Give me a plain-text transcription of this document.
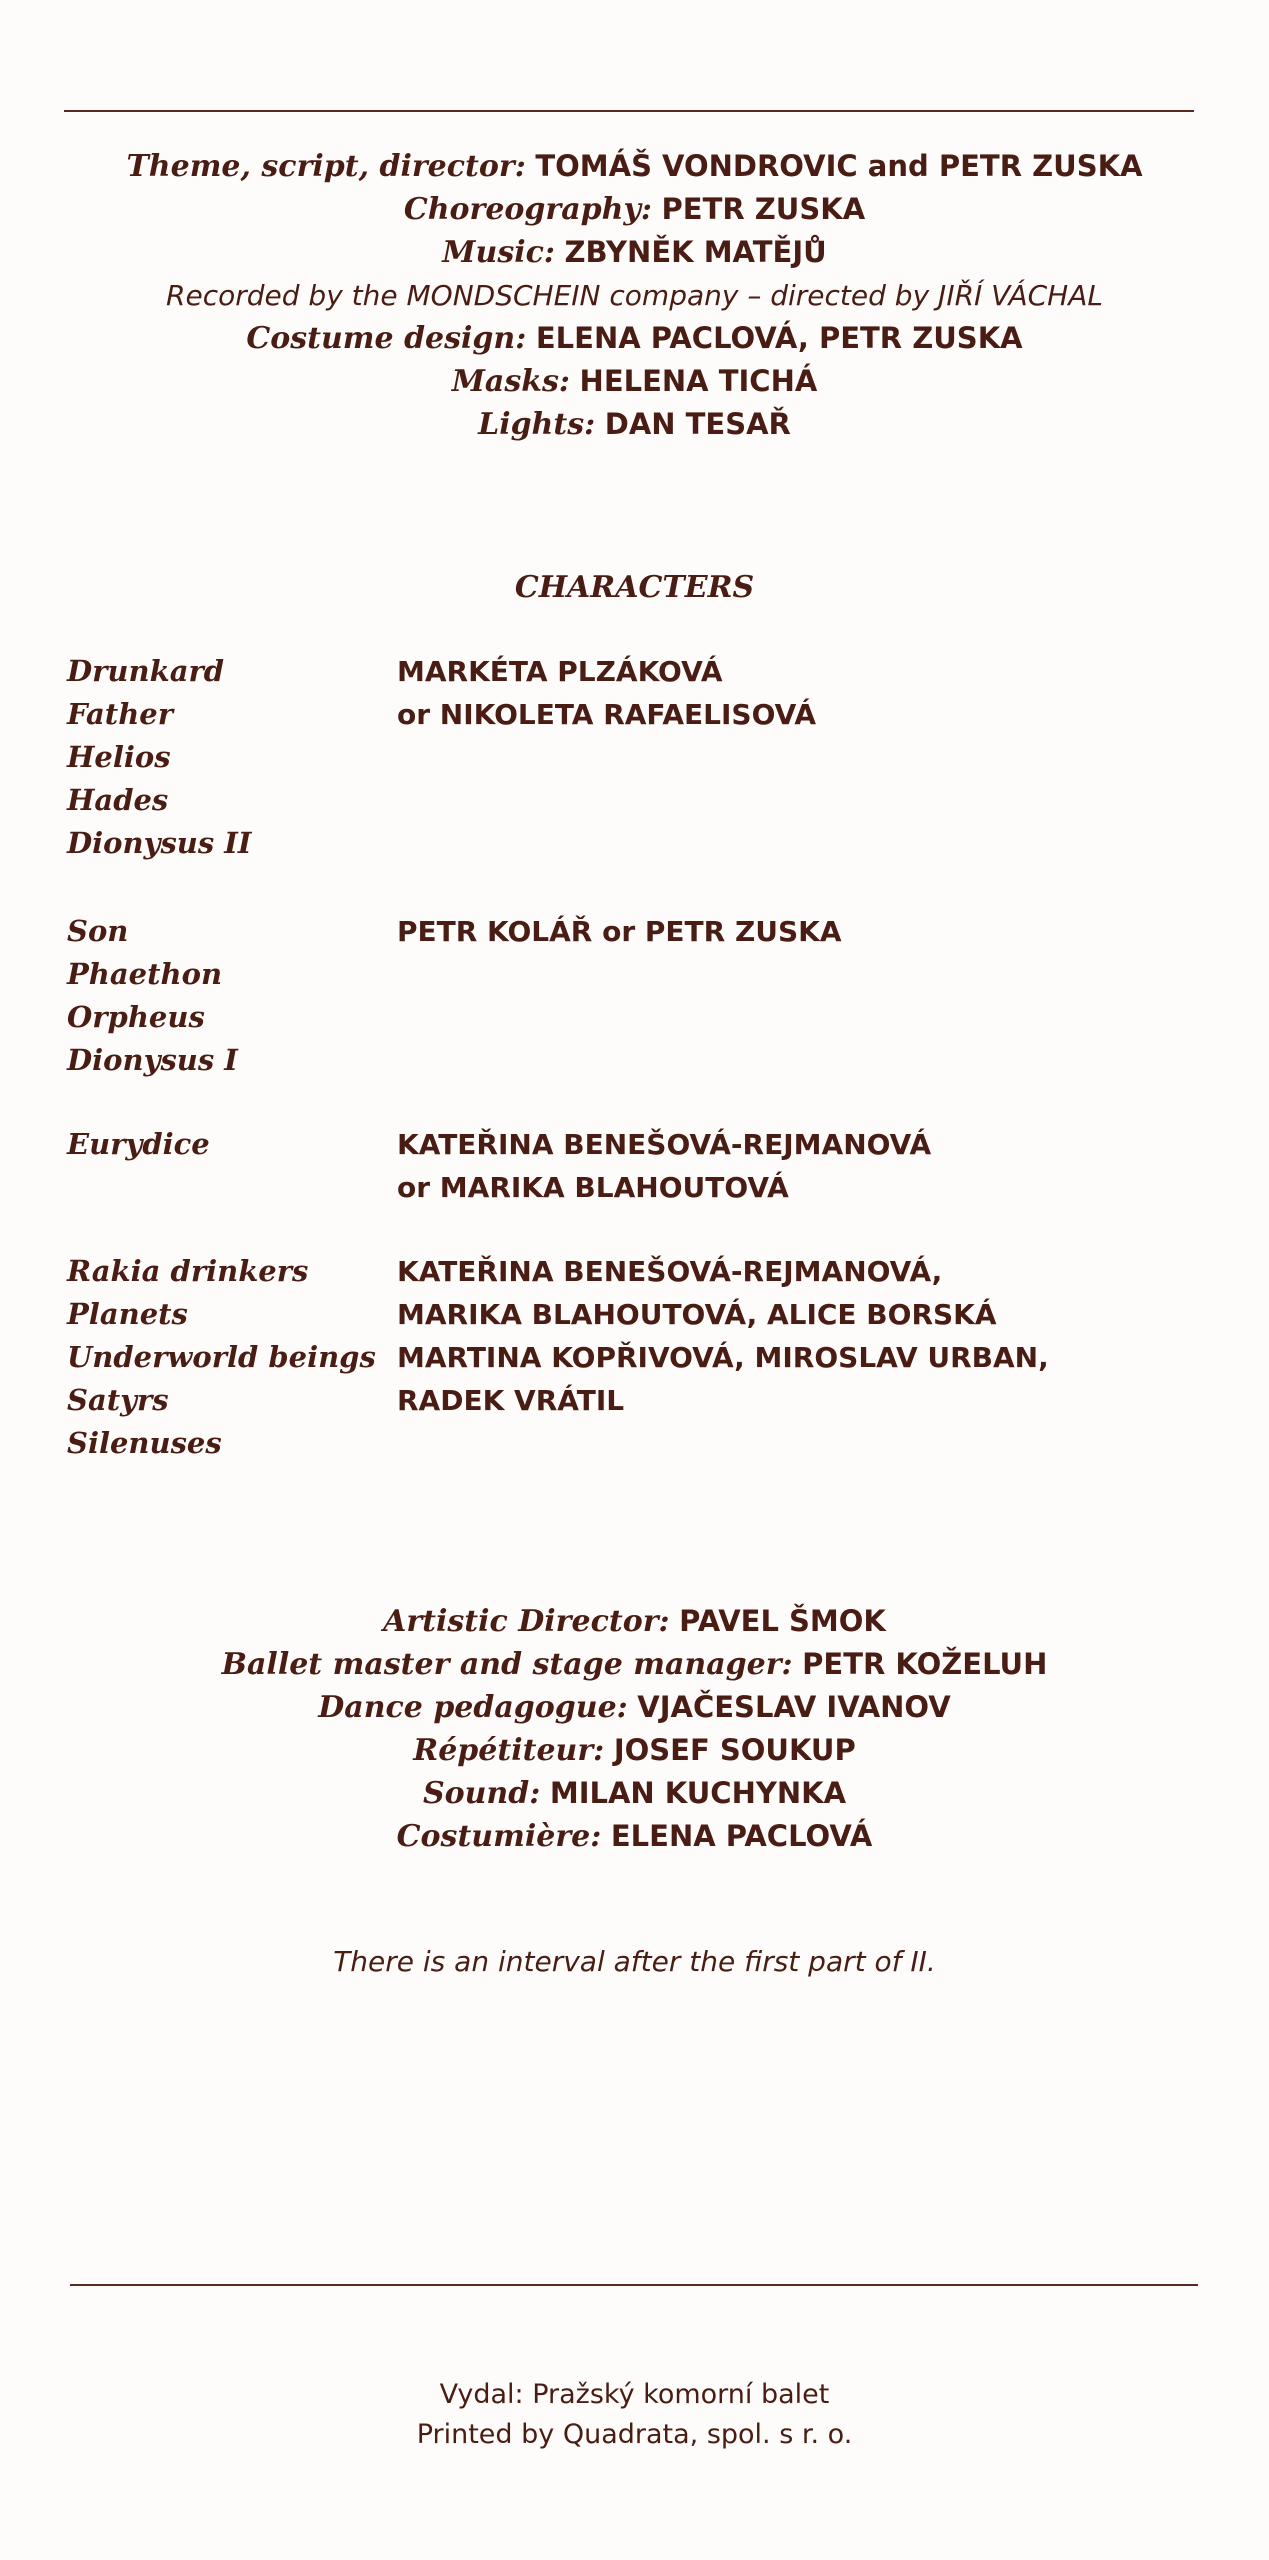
Theme, script, director: TOMÁŠ VONDROVIC and PETR ZUSKA
Choreography: PETR ZUSKA
Music: ZBYNĚK MATĚJŮ
Recorded by the MONDSCHEIN company – directed by JIŘÍ VÁCHAL
Costume design: ELENA PACLOVÁ, PETR ZUSKA
Masks: HELENA TICHÁ
Lights: DAN TESAŘ
CHARACTERS
Drunkard
Father
Helios
Hades
Dionysus II
MARKÉTA PLZÁKOVÁ
or NIKOLETA RAFAELISOVÁ
Son
Phaethon
Orpheus
Dionysus I
PETR KOLÁŘ or PETR ZUSKA
Eurydice	KATEŘINA BENEŠOVÁ-REJMANOVÁ
or MARIKA BLAHOUTOVÁ
Rakia drinkers
Planets
Underworld beings
Satyrs
Silenuses
KATEŘINA BENEŠOVÁ-REJMANOVÁ,
MARIKA BLAHOUTOVÁ, ALICE BORSKÁ
MARTINA KOPŘIVOVÁ, MIROSLAV URBAN,
RADEK VRÁTIL
Artistic Director: PAVEL ŠMOK
Ballet master and stage manager: PETR KOŽELUH
Dance pedagogue: VJAČESLAV IVANOV
Répétiteur: JOSEF SOUKUP
Sound: MILAN KUCHYNKA
Costumière: ELENA PACLOVÁ
There is an interval after the first part of II.
Vydal: Pražský komorní balet
Printed by Quadrata, spol. s r. o.
